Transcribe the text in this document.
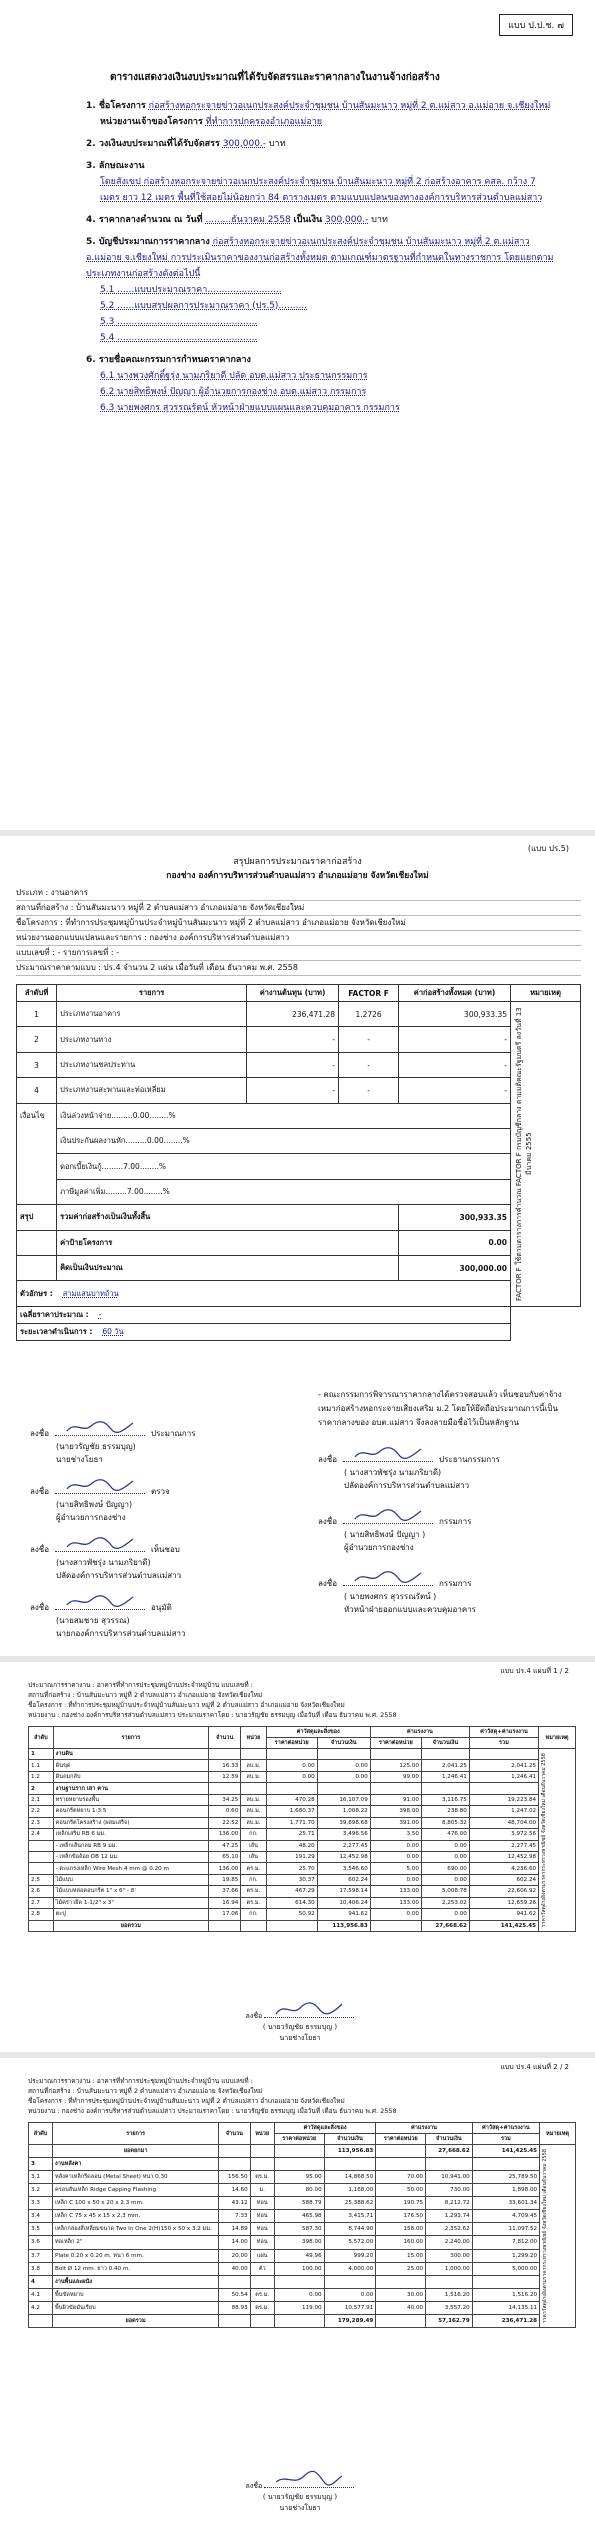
แบบ ป.ป.ช. ๗
ตารางแสดงวงเงินงบประมาณที่ได้รับจัดสรรและราคากลางในงานจ้างก่อสร้าง
1. ชื่อโครงการ ก่อสร้างหอกระจายข่าวอเนกประสงค์ประจำชุมชน บ้านสันมะนาว หมู่ที่ 2 ต.แม่สาว อ.แม่อาย จ.เชียงใหม่
หน่วยงานเจ้าของโครงการ ที่ทำการปกครองอำเภอแม่อาย
2. วงเงินงบประมาณที่ได้รับจัดสรร 300,000.- บาท
3. ลักษณะงาน
โดยสังเขป ก่อสร้างหอกระจายข่าวอเนกประสงค์ประจำชุมชน บ้านสันมะนาว หมู่ที่ 2 ก่อสร้างอาคาร คสล. กว้าง 7 เมตร ยาว 12 เมตร พื้นที่ใช้สอยไม่น้อยกว่า 84 ตารางเมตร ตามแบบแปลนของทางองค์การบริหารส่วนตำบลแม่สาว
4. ราคากลางคำนวณ ณ วันที่ .........ธันวาคม 2558 เป็นเงิน 300,000.- บาท
5. บัญชีประมาณการราคากลาง ก่อสร้างหอกระจายข่าวอเนกประสงค์ประจำชุมชน บ้านสันมะนาว หมู่ที่ 2 ต.แม่สาว อ.แม่อาย จ.เชียงใหม่ การประเมินราคาของงานก่อสร้างทั้งหมด ตามเกณฑ์มาตรฐานที่กำหนดในทางราชการ โดยแยกตามประเภทงานก่อสร้างดังต่อไปนี้
5.1 ......แบบประมาณราคา..........................
5.2 ......แบบสรุปผลการประมาณราคา (ปร.5)..........
5.3 .................................................
5.4 .................................................
6. รายชื่อคณะกรรมการกำหนดราคากลาง
6.1 นางพวงศักดิ์ฐรุ่ง นามภริยาดี ปลัด อบต.แม่สาว ประธานกรรมการ
6.2 นายสิทธิพงษ์ ปัญญา ผู้อำนวยการกองช่าง อบต.แม่สาว กรรมการ
6.3 นายพงศกร สุวรรณรัตน์ หัวหน้าฝ่ายแบบแผนและควบคุมอาคาร กรรมการ
(แบบ ปร.5)
สรุปผลการประมาณราคาก่อสร้าง
กองช่าง องค์การบริหารส่วนตำบลแม่สาว อำเภอแม่อาย จังหวัดเชียงใหม่
ประเภท : งานอาคาร
สถานที่ก่อสร้าง : บ้านสันมะนาว หมู่ที่ 2 ตำบลแม่สาว อำเภอแม่อาย จังหวัดเชียงใหม่
ชื่อโครงการ : ที่ทำการประชุมหมู่บ้านประจำหมู่บ้านสันมะนาว หมู่ที่ 2 ตำบลแม่สาว อำเภอแม่อาย จังหวัดเชียงใหม่
หน่วยงานออกแบบแปลนและรายการ : กองช่าง องค์การบริหารส่วนตำบลแม่สาว
แบบเลขที่ : - รายการเลขที่ : -
ประมาณราคาตามแบบ : ปร.4 จำนวน 2 แผ่น เมื่อวันที่ เดือน ธันวาคม พ.ศ. 2558
ลำดับที่	รายการ	ค่างานต้นทุน (บาท)	FACTOR F	ค่าก่อสร้างทั้งหมด (บาท)	หมายเหตุ
1	ประเภทงานอาคาร	236,471.28	1.2726	300,933.35	FACTOR F ใช้ตามตารางการคำนวณ FACTOR F กรมบัญชีกลาง ตามมติคณะรัฐมนตรี ลงวันที่ 13 มีนาคม 2555

2	ประเภทงานทาง	-	-	-	
3	ประเภทงานชลประทาน	-	-	-	
4	ประเภทงานสะพานและท่อเหลี่ยม	-	-	-	
เงื่อนไข	เงินล่วงหน้าจ่าย.........0.00........%				
	เงินประกันผลงานหัก.........0.00........%				
	ดอกเบี้ยเงินกู้.........7.00........%				
	ภาษีมูลค่าเพิ่ม.........7.00........%				
สรุป	รวมค่าก่อสร้างเป็นเงินทั้งสิ้น			300,933.35	
	ค่าป้ายโครงการ			0.00	
	คิดเป็นเงินประมาณ			300,000.00	
ตัวอักษร : สามแสนบาทถ้วน					
เฉลี่ยราคาประมาณ : -					
ระยะเวลาดำเนินการ : 60 วัน					
ลงชื่อ	ประมาณการ
(นายวรัญชัย ธรรมบุญ)
นายช่างโยธา
ลงชื่อ	ตรวจ
(นายสิทธิพงษ์ ปัญญา)
ผู้อำนวยการกองช่าง
ลงชื่อ	เห็นชอบ
(นางสาวพัชรุ่ง นามภริยาดี)
ปลัดองค์การบริหารส่วนตำบลแม่สาว
ลงชื่อ	อนุมัติ
(นายสมชาย สุวรรณ)
นายกองค์การบริหารส่วนตำบลแม่สาว
- คณะกรรมการพิจารณาราคากลางได้ตรวจสอบแล้ว เห็นชอบกับค่าจ้างเหมาก่อสร้างหอกระจายเสียงเสริม ม.2 โดยให้ยึดถือประมาณการนี้เป็นราคากลางของ อบต.แม่สาว จึงลงลายมือชื่อไว้เป็นหลักฐาน
ลงชื่อ	ประธานกรรมการ
( นางสาวพัชรุ่ง นามภริยาดี)
ปลัดองค์การบริหารส่วนตำบลแม่สาว
ลงชื่อ	กรรมการ
( นายสิทธิพงษ์ ปัญญา )
ผู้อำนวยการกองช่าง
ลงชื่อ	กรรมการ
( นายพงศกร สุวรรณรัตน์ )
หัวหน้าฝ่ายออกแบบและควบคุมอาคาร
แบบ ปร.4 แผ่นที่ 1 / 2
ประมาณการราคางาน : อาคารที่ทำการประชุมหมู่บ้านประจำหมู่บ้าน แบบเลขที่ :
สถานที่ก่อสร้าง : บ้านสันมะนาว หมู่ที่ 2 ตำบลแม่สาว อำเภอแม่อาย จังหวัดเชียงใหม่
ชื่อโครงการ : ที่ทำการประชุมหมู่บ้านประจำหมู่บ้านสันมะนาว หมู่ที่ 2 ตำบลแม่สาว อำเภอแม่อาย จังหวัดเชียงใหม่
หน่วยงาน : กองช่าง องค์การบริหารส่วนตำบลแม่สาว ประมาณราคาโดย : นายวรัญชัย ธรรมบุญ เมื่อวันที่ เดือน ธันวาคม พ.ศ. 2558
ลำดับ	รายการ	จำนวน	หน่วย	ค่าวัสดุและสิ่งของ		ค่าแรงงาน		ค่าวัสดุ+ค่าแรงงาน	หมายเหตุ
				ราคาต่อหน่วย	จำนวนเงิน	ราคาต่อหน่วย	จำนวนเงิน	รวม	
1	งานดิน								ราคาวัสดุอ้างอิงตามราคากระทรวงพาณิชย์ จังหวัดเชียงใหม่ เดือนธันวาคม 2558

1.1	ดินขุด	16.33	ลบ.ม.	0.00	0.00	125.00	2,041.25	2,041.25	
1.2	ดินถมกลับ	12.59	ลบ.ม.	0.00	0.00	99.00	1,246.41	1,246.41	
2	งานฐานราก เสา คาน								
2.1	ทรายหยาบรองพื้น	34.25	ลบ.ม.	470.28	16,107.09	91.00	3,116.75	19,223.84	
2.2	คอนกรีตหยาบ 1:3:5	0.60	ลบ.ม.	1,680.37	1,008.22	398.00	238.80	1,247.02	
2.3	คอนกรีตโครงสร้าง (ผสมเสร็จ)	22.52	ลบ.ม.	1,771.70	39,898.68	391.00	8,805.32	48,704.00	
2.4	เหล็กเสริม RB 6 มม.	136.00	กก.	25.71	3,496.56	3.50	476.00	3,972.56	
	- เหล็กเส้นกลม RB 9 มม.	47.25	เส้น	48.20	2,277.45	0.00	0.00	2,277.45	
	- เหล็กข้ออ้อย DB 12 มม.	65.10	เส้น	191.29	12,452.98	0.00	0.00	12,452.98	
	- ตะแกรงเหล็ก Wire Mesh 4 mm @ 0.20 m	136.00	ตร.ม.	25.70	3,546.60	5.00	690.00	4,236.60	
2.5	ไม้แบบ	19.85	กก.	30.37	602.24	0.00	0.00	602.24	
2.6	ไม้แบบหล่อคอนกรีต 1" x 6" - 8'	37.66	ตร.ม.	467.29	17,598.14	133.00	5,008.78	22,606.92	
2.7	ไม้คร่าวยึด 1-1/2" x 3"	16.94	ตร.ม.	614.30	10,406.24	133.00	2,253.02	12,659.26	
2.8	ตะปู	17.06	กก.	50.92	941.62	0.00	0.00	941.62	
	ยอดรวม				113,956.83		27,668.62	141,425.45	
ลงชื่อ
( นายวรัญชัย ธรรมบุญ )
นายช่างโยธา
แบบ ปร.4 แผ่นที่ 2 / 2
ประมาณการราคางาน : อาคารที่ทำการประชุมหมู่บ้านประจำหมู่บ้าน แบบเลขที่ :
สถานที่ก่อสร้าง : บ้านสันมะนาว หมู่ที่ 2 ตำบลแม่สาว อำเภอแม่อาย จังหวัดเชียงใหม่
ชื่อโครงการ : ที่ทำการประชุมหมู่บ้านประจำหมู่บ้านสันมะนาว หมู่ที่ 2 ตำบลแม่สาว อำเภอแม่อาย จังหวัดเชียงใหม่
หน่วยงาน : กองช่าง องค์การบริหารส่วนตำบลแม่สาว ประมาณราคาโดย : นายวรัญชัย ธรรมบุญ เมื่อวันที่ เดือน ธันวาคม พ.ศ. 2558
ลำดับ	รายการ	จำนวน	หน่วย	ค่าวัสดุและสิ่งของ		ค่าแรงงาน		ค่าวัสดุ+ค่าแรงงาน	หมายเหตุ
				ราคาต่อหน่วย	จำนวนเงิน	ราคาต่อหน่วย	จำนวนเงิน	รวม	
	ยอดยกมา				113,956.83		27,668.62	141,425.45	ราคาวัสดุอ้างอิงตามราคากระทรวงพาณิชย์ จังหวัดเชียงใหม่ เดือนธันวาคม 2558

3	งานหลังคา								
3.1	หลังคาเหล็กรีดลอน (Metal Sheet) หนา 0.30	156.50	ตร.ม.	95.00	14,868.50	70.00	10,941.00	25,789.50	
3.2	ครอบสันเหล็ก Ridge Capping Flashing	14.60	ม.	80.00	1,168.00	50.00	730.00	1,898.00	
3.3	เหล็ก C 100 x 50 x 20 x 2.3 mm.	43.12	ท่อน	588.79	25,388.62	190.75	8,212.72	33,601.34	
3.4	เหล็ก C 75 x 45 x 15 x 2.3 mm.	7.33	ท่อน	465.98	3,415.71	176.50	1,293.74	4,709.45	
3.5	เหล็กกล่องสี่เหลี่ยมขนาด Two In One 2(H)150 x 50 x 3.2 มม.	14.89	ท่อน	587.30	8,744.90	158.00	2,352.62	11,097.52	
3.6	ท่อเหล็ก 2"	14.00	ท่อน	398.00	5,572.00	160.00	2,240.00	7,812.00	
3.7	Plate 0.20 x 0.20 m. หนา 6 mm.	20.00	แผ่น	49.96	999.20	15.00	300.00	1,299.20	
3.8	Bolt Ø 12 mm. ยาว 0.40 m.	40.00	ตัว	100.00	4,000.00	25.00	1,000.00	5,000.00	
4	งานพื้นและผนัง								
4.1	พื้นขัดหยาบ	50.54	ตร.ม.	0.00	0.00	30.00	1,516.20	1,516.20	
4.2	พื้นผิวขัดมันเรียบ	88.93	ตร.ม.	119.00	10,577.91	40.00	3,557.20	14,135.11	
	ยอดรวม				179,289.49		57,162.79	236,471.28	
ลงชื่อ
( นายวรัญชัย ธรรมบุญ )
นายช่างโยธา
